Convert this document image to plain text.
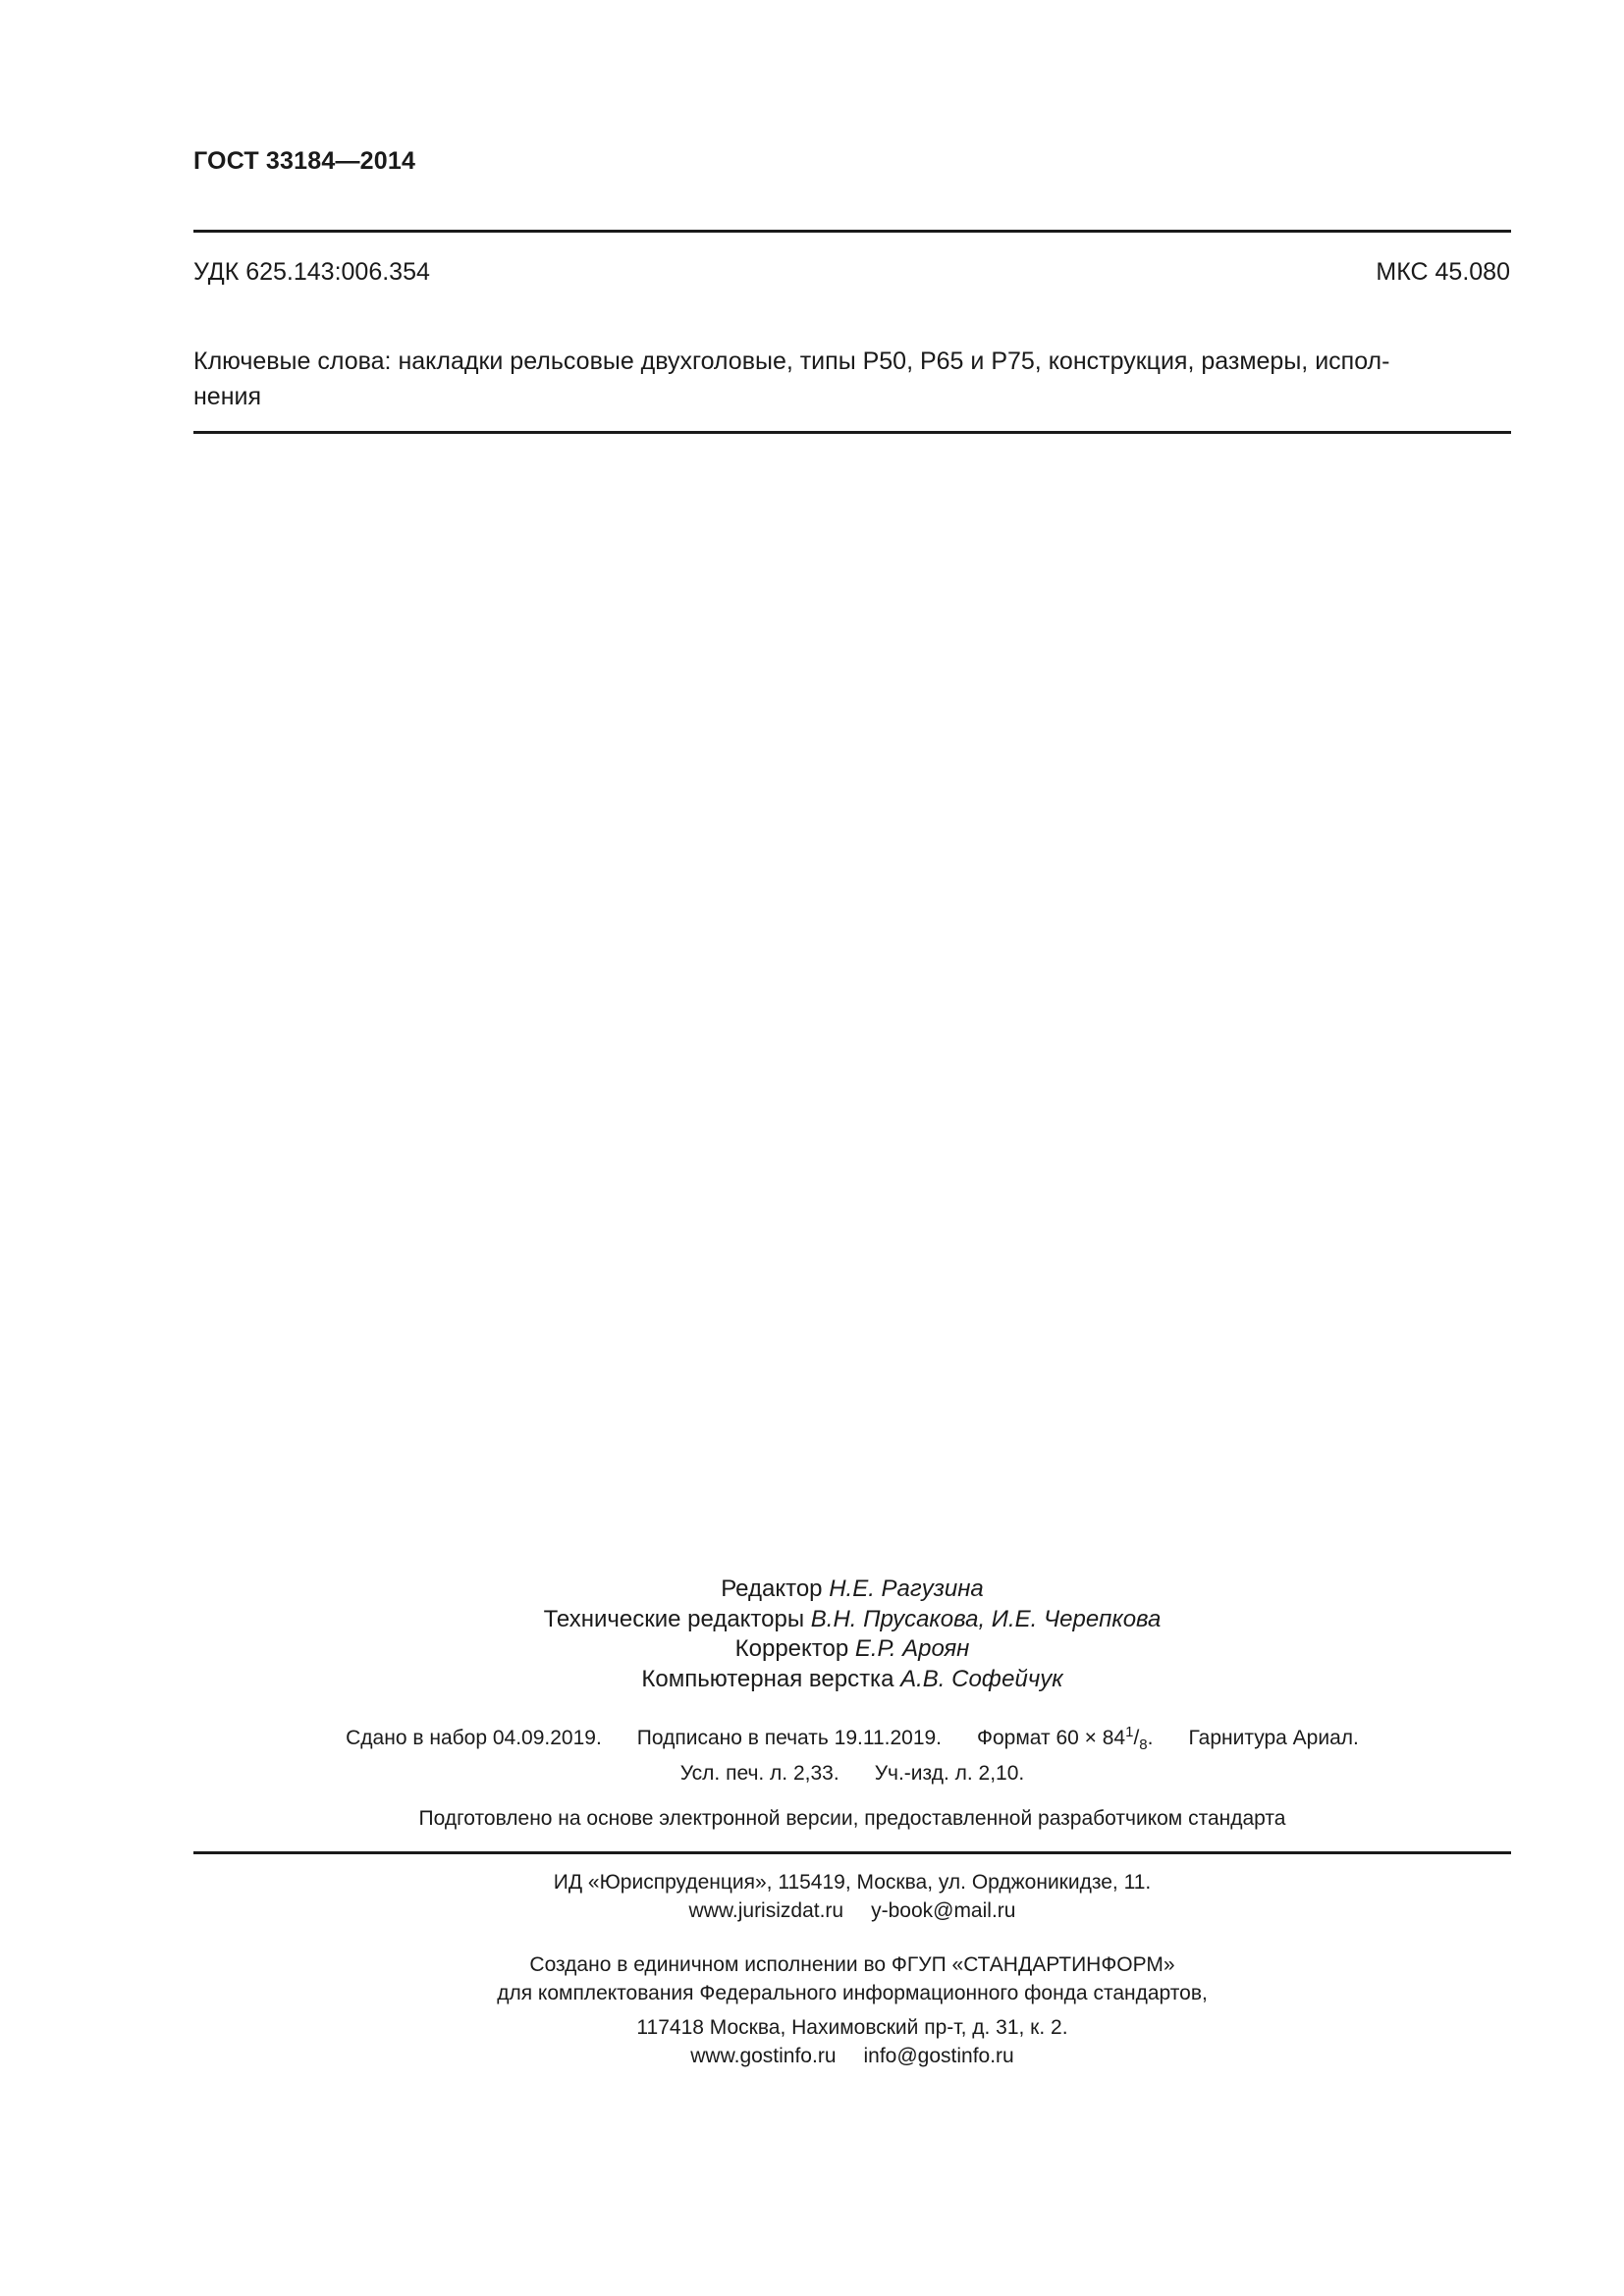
ГОСТ 33184—2014
УДК 625.143:006.354	МКС 45.080
Ключевые слова: накладки рельсовые двухголовые, типы Р50, Р65 и Р75, конструкция, размеры, испол-
нения
Редактор Н.Е. Рагузина
Технические редакторы В.Н. Прусакова, И.Е. Черепкова
Корректор Е.Р. Ароян
Компьютерная верстка А.В. Софейчук
Сдано в набор 04.09.2019. Подписано в печать 19.11.2019. Формат $60 \times 84^1/_8$. Гарнитура Ариал.
Усл. печ. л. 2,33. Уч.-изд. л. 2,10.
Подготовлено на основе электронной версии, предоставленной разработчиком стандарта
ИД «Юриспруденция», 115419, Москва, ул. Орджоникидзе, 11.
www.jurisizdat.ru y-book@mail.ru
Создано в единичном исполнении во ФГУП «СТАНДАРТИНФОРМ»
для комплектования Федерального информационного фонда стандартов,
117418 Москва, Нахимовский пр-т, д. 31, к. 2.
www.gostinfo.ru info@gostinfo.ru
